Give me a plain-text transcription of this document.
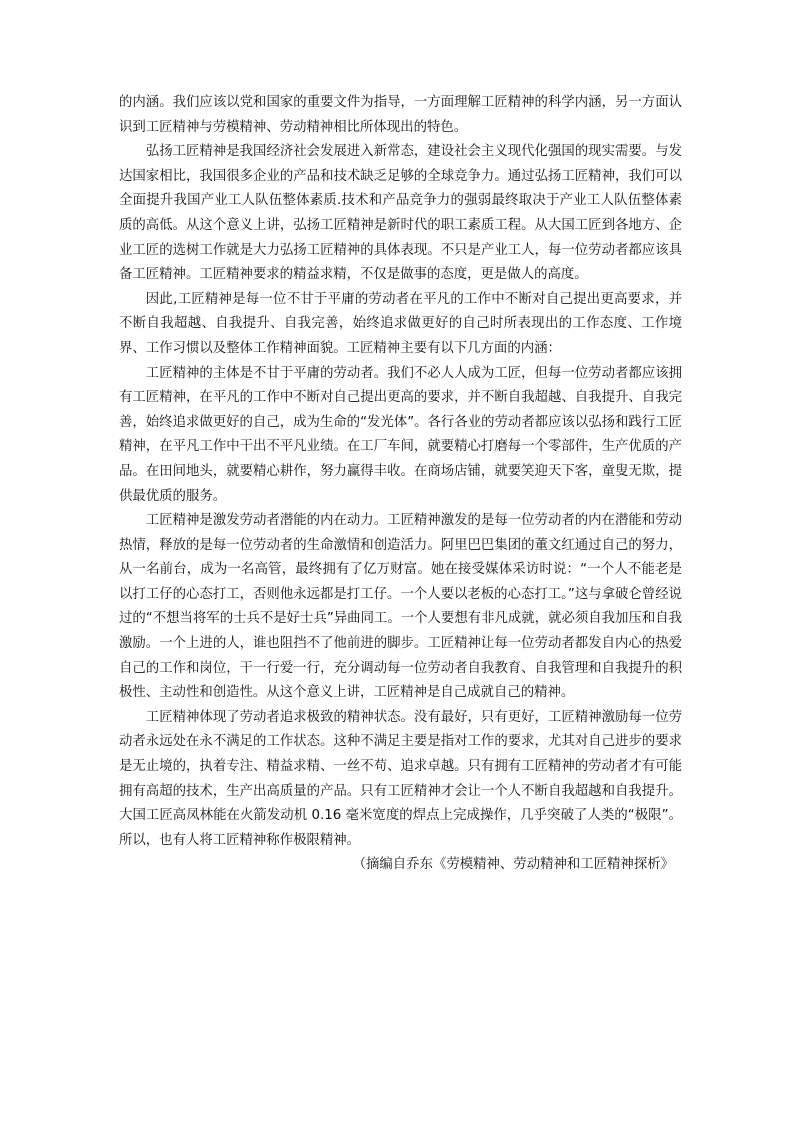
的内涵。我们应该以党和国家的重要文件为指导，一方面理解工匠精神的科学内涵，另一方面认识到工匠精神与劳模精神、劳动精神相比所体现出的特色。

弘扬工匠精神是我国经济社会发展进入新常态，建设社会主义现代化强国的现实需要。与发达国家相比，我国很多企业的产品和技术缺乏足够的全球竞争力。通过弘扬工匠精神，我们可以全面提升我国产业工人队伍整体素质.技术和产品竞争力的强弱最终取决于产业工人队伍整体素质的高低。从这个意义上讲，弘扬工匠精神是新时代的职工素质工程。从大国工匠到各地方、企业工匠的选树工作就是大力弘扬工匠精神的具体表现。不只是产业工人，每一位劳动者都应该具备工匠精神。工匠精神要求的精益求精，不仅是做事的态度，更是做人的高度。

因此,工匠精神是每一位不甘于平庸的劳动者在平凡的工作中不断对自己提出更高要求，并不断自我超越、自我提升、自我完善，始终追求做更好的自己时所表现出的工作态度、工作境界、工作习惯以及整体工作精神面貌。工匠精神主要有以下几方面的内涵：

工匠精神的主体是不甘于平庸的劳动者。我们不必人人成为工匠，但每一位劳动者都应该拥有工匠精神，在平凡的工作中不断对自己提出更高的要求，并不断自我超越、自我提升、自我完善，始终追求做更好的自己，成为生命的“发光体”。各行各业的劳动者都应该以弘扬和践行工匠精神，在平凡工作中干出不平凡业绩。在工厂车间，就要精心打磨每一个零部件，生产优质的产品。在田间地头，就要精心耕作，努力赢得丰收。在商场店铺，就要笑迎天下客，童叟无欺，提供最优质的服务。

工匠精神是激发劳动者潜能的内在动力。工匠精神激发的是每一位劳动者的内在潜能和劳动热情，释放的是每一位劳动者的生命激情和创造活力。阿里巴巴集团的董文红通过自己的努力，从一名前台，成为一名高管，最终拥有了亿万财富。她在接受媒体采访时说：“一个人不能老是以打工仔的心态打工，否则他永远都是打工仔。一个人要以老板的心态打工。”这与拿破仑曾经说过的“不想当将军的士兵不是好士兵”异曲同工。一个人要想有非凡成就，就必须自我加压和自我激励。一个上进的人，谁也阻挡不了他前进的脚步。工匠精神让每一位劳动者都发自内心的热爱自己的工作和岗位，干一行爱一行，充分调动每一位劳动者自我教育、自我管理和自我提升的积极性、主动性和创造性。从这个意义上讲，工匠精神是自己成就自己的精神。

工匠精神体现了劳动者追求极致的精神状态。没有最好，只有更好，工匠精神激励每一位劳动者永远处在永不满足的工作状态。这种不满足主要是指对工作的要求，尤其对自己进步的要求是无止境的，执着专注、精益求精、一丝不苟、追求卓越。只有拥有工匠精神的劳动者才有可能拥有高超的技术，生产出高质量的产品。只有工匠精神才会让一个人不断自我超越和自我提升。大国工匠高凤林能在火箭发动机 0.16 毫米宽度的焊点上完成操作，几乎突破了人类的“极限”。所以，也有人将工匠精神称作极限精神。

（摘编自乔东《劳模精神、劳动精神和工匠精神探析》
